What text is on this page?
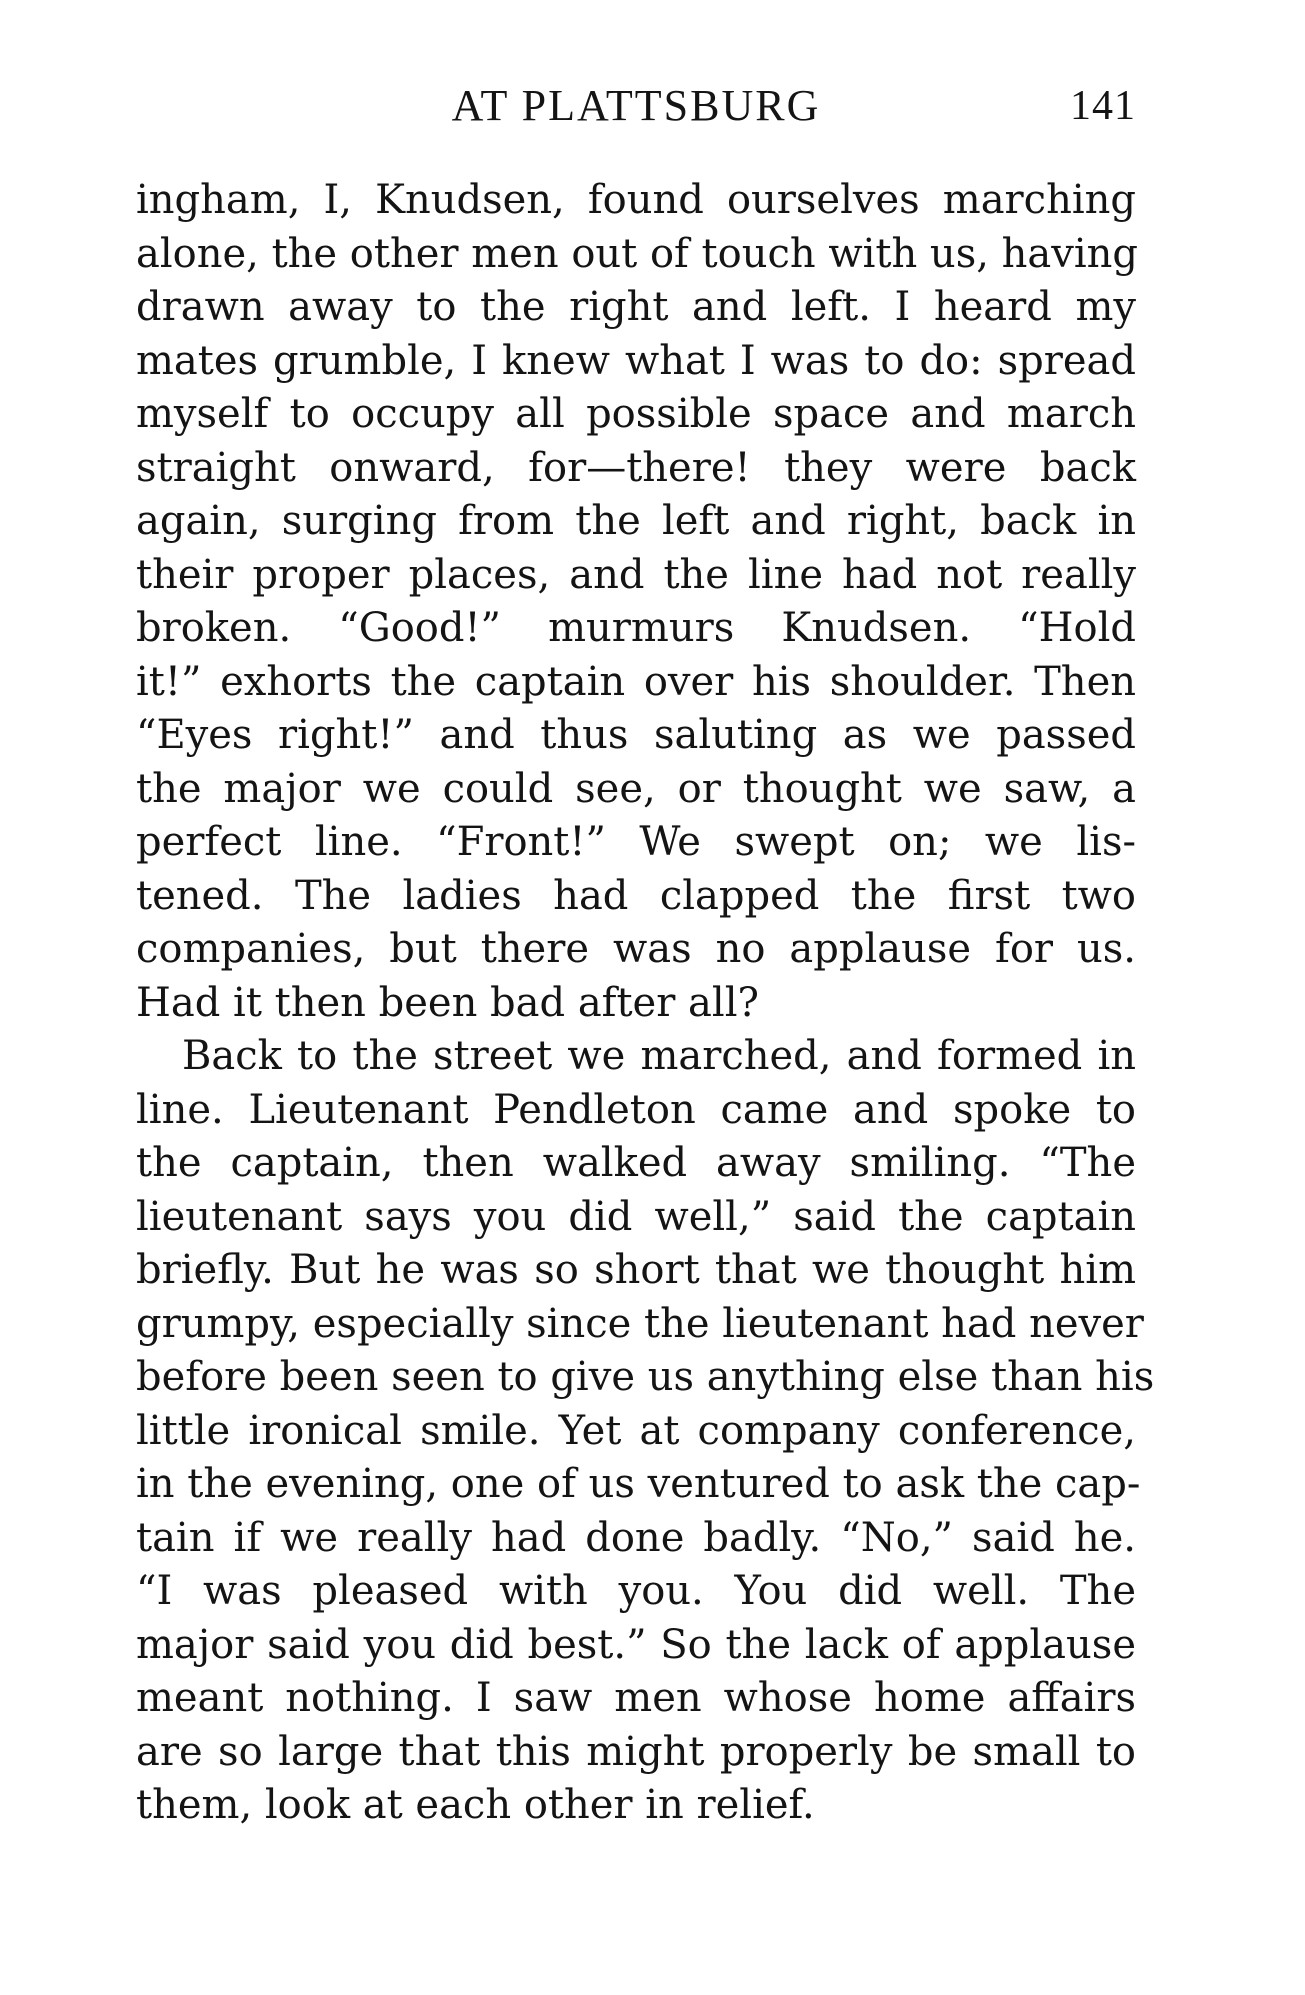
AT PLATTSBURG	141
ingham, I, Knudsen, found ourselves marching
alone, the other men out of touch with us, having
drawn away to the right and left. I heard my
mates grumble, I knew what I was to do: spread
myself to occupy all possible space and march
straight onward, for—there! they were back
again, surging from the left and right, back in
their proper places, and the line had not really
broken. “Good!” murmurs Knudsen. “Hold
it!” exhorts the captain over his shoulder. Then
“Eyes right!” and thus saluting as we passed
the major we could see, or thought we saw, a
perfect line. “Front!” We swept on; we lis-
tened. The ladies had clapped the first two
companies, but there was no applause for us.
Had it then been bad after all?
Back to the street we marched, and formed in
line. Lieutenant Pendleton came and spoke to
the captain, then walked away smiling. “The
lieutenant says you did well,” said the captain
briefly. But he was so short that we thought him
grumpy, especially since the lieutenant had never
before been seen to give us anything else than his
little ironical smile. Yet at company conference,
in the evening, one of us ventured to ask the cap-
tain if we really had done badly. “No,” said he.
“I was pleased with you. You did well. The
major said you did best.” So the lack of applause
meant nothing. I saw men whose home affairs
are so large that this might properly be small to
them, look at each other in relief.
